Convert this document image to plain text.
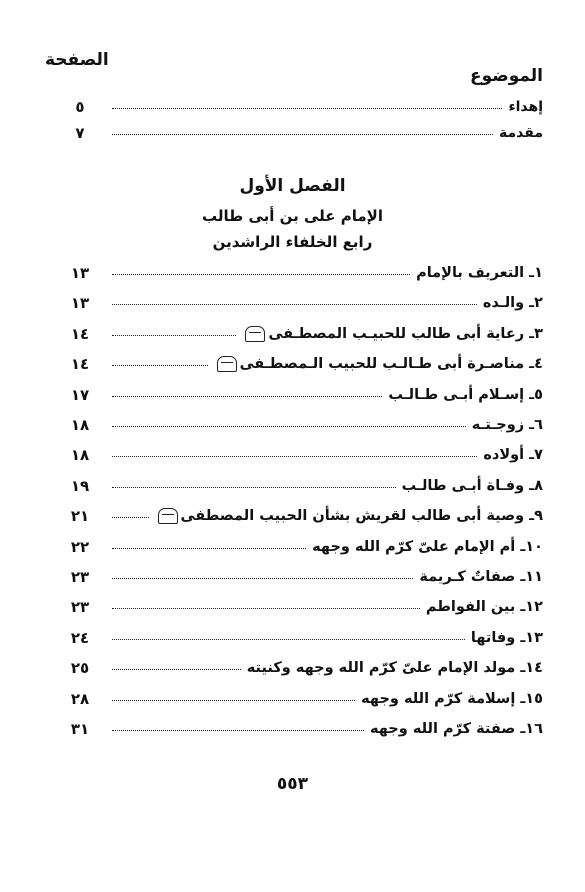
الموضوع
الصفحة
إهداء
٥
مقدمة
٧
الفصل الأول
الإمام على بن أبى طالب
رابع الخلفاء الراشدين
١ـ التعريف بالإمام
١٣
٢ـ والـده
١٣
٣ـ رعاية أبى طالب للحبيـب المصطـفى
١٤
٤ـ مناصـرة أبى طـالـب للحبيب الـمصطـفى
١٤
٥ـ إسـلام أبـى طـالـب
١٧
٦ـ زوجـتـه
١٨
٧ـ أولاده
١٨
٨ـ وفـاة أبـى طالـب
١٩
٩ـ وصية أبى طالب لقريش بشأن الحبيب المصطفى
٢١
١٠ـ أم الإمام علىّ كرّم الله وجهه
٢٢
١١ـ صفاتٌ كـريمة
٢٣
١٢ـ بين الفواطم
٢٣
١٣ـ وفاتها
٢٤
١٤ـ مولد الإمام علىّ كرّم الله وجهه وكنيته
٢٥
١٥ـ إسلامة كرّم الله وجهه
٢٨
١٦ـ صفتة كرّم الله وجهه
٣١
٥٥٣
